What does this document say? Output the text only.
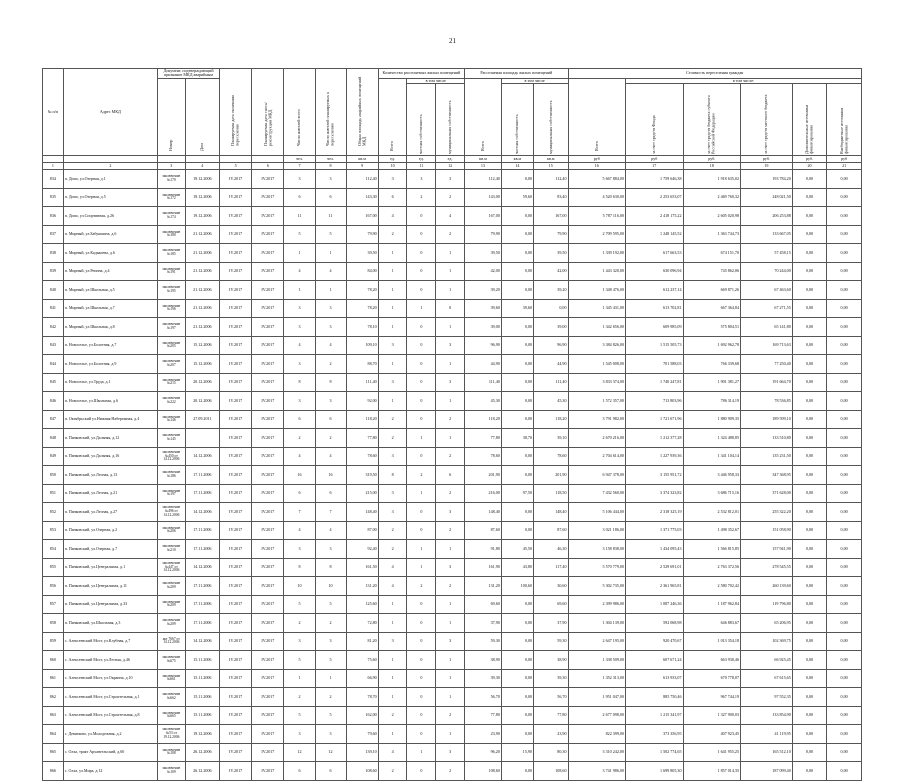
21
№ п/п	Адрес МКД	Документ, подтверждающий признание МКД аварийным		Планируемая дата окончания переселения	Планируемая дата сноса/ реконструкции МКД	Число жителей всего	Число жителей планируемых к переселению	Общая площадь аварийных помещений МКД	Количество расселяемых жилых помещений			Расселяемая площадь жилых помещений			Стоимость переселения граждан					
		Номер	Дата						Всего	в том числе		Всего	в том числе		Всего	в том числе:				
										частная собственность	муниципальная собственность		частная собственность	муниципальная собственность		за счет средств Фонда	за счет средств бюджета субъекта Российской Федерации	за счет средств местного бюджета	Дополнительные источники финансирования	Внебюджетные источники финансирования
						чел.	чел.	кв.м	ед.	ед.	ед.	кв.м	кв.м	кв.м	руб	руб	руб.	руб.	руб.	руб
1	2	3	4	5	6	7	8	9	10	11	12	13	14	15	16	17	18	19	20	21
834	п. Дипо, ул.Озерная, д.1	заключение №170	19.12.2006	IV.2017	IV.2017	3	3	112,40	3	3	3	112,40	0,00	112,40	5 667 884,00	1 759 646,38	1 918 635,02	193 784,20	0,00	0,00
835	п. Дипо, ул.Озерная, д.5	заключение №172	19.12.2006	IV.2017	IV.2017	6	6	143,30	6	2	2	143,00	59,60	83,40	4 520 630,00	2 253 653,07	2 469 760,32	248 021,50	0,00	0,00
836	п. Дипо, ул.Спортивная, д.26	заключение №174	19.12.2006	IV.2017	IV.2017	11	11	167,00	4	0	4	167,00	0,00	167,00	5 787 116,00	2 418 175,22	2 605 020,98	206 253,88	0,00	0,00
837	п. Мирный, ул.Бабушкина, д.6	заключение №180	21.12.2006	IV.2017	IV.2017	5	5	79,90	2	0	2	79,90	0,00	79,90	2 709 595,00	1 248 145,52	1 363 744,73	133 667,05	0,00	0,00
838	п. Мирный, ул.Кадышева, д.6	заключение №185	21.12.2006	IV.2017	IV.2017	1	1	39,50	1	0	1	39,50	0,00	39,50	1 339 192,00	617 663,53	674 151,70	57 458,15	0,00	0,00
839	п. Мирный, ул.Репина, д.4	заключение №191	21.12.2006	IV.2017	IV.2017	4	4	84,00	1	0	1	42,00	0,00	42,00	1 443 320,00	630 096,94	745 862,06	70 244,00	0,00	0,00
840	п. Мирный, ул.Школьная, д.5	заключение №195	21.12.2006	IV.2017	IV.2017	1	1	78,20	1	0	1	39,20	0,00	39,20	1 348 476,00	612 237,14	669 871,26	67 463,60	0,00	0,00
841	п. Мирный, ул.Школьная, д.7	заключение №196	21.12.2006	IV.2017	IV.2017	3	3	78,20	1	1	0	39,60	39,60	0,00	1 345 431,00	613 702,81	667 364,84	67 271,55	0,00	0,00
842	п. Мирный, ул.Школьная, д.8	заключение №197	21.12.2006	IV.2017	IV.2017	3	3	78,10	1	0	1	39,00	0,00	39,00	1 342 656,00	609 985,09	575 804,51	65 141,80	0,00	0,00
843	п. Новоселье, ул.Болотная, д.7	заключение №205	15.12.2006	IV.2017	IV.2017	4	4	109,10	3	0	3	96,90	0,00	96,90	3 384 826,00	1 515 505,73	1 692 962,78	169 713,63	0,00	0,00
844	п. Новоселье, ул.Болотная, д.9	заключение №207	15.12.2006	IV.2017	IV.2017	3	2	88,70	1	0	1	44,90	0,00	44,90	1 545 008,00	701 588,03	766 339,68	77 250,40	0,00	0,00
845	п. Новоселье, ул.Труда, д.1	заключение №215	20.12.2006	IV.2017	IV.2017	8	8	111,40	3	0	3	111,40	0,00	111,40	3 833 374,00	1 740 247,81	1 901 381,27	191 664,70	0,00	0,00
846	п. Новоселье, ул.Школьная, д.6	заключение №222	20.12.2006	IV.2017	IV.2017	3	3	92,00	1	0	1	45,30	0,00	45,30	1 572 357,00	713 803,96	786 314,19	78 536,85	0,00	0,00
847	п. Октябрьский ул.Нижняя Набережная, д.4	заключение №146	27.09.2011	IV.2017	IV.2017	6	6	118,20	2	0	2	118,20	0,00	118,20	3 791 982,00	1 721 671,96	1 880 909,35	189 599,10	0,00	0,00
848	п. Панковский, ул.Дальняя, д.12	заключение №145		IV.2017	IV.2017	2	2	77,80	2	1	1	77,80	38,70	39,10	2 670 216,00	1 212 377,28	1 324 488,85	133 510,80	0,00	0,00
849	п. Панковский, ул.Дальняя, д.16	заключение №450 от 14.12.2006	14.12.2006	IV.2017	IV.2017	4	4	78,60	3	0	2	78,60	0,00	78,60	2 704 614,00	1 227 939,36	1 341 104,14	135 231,50	0,00	0,00
850	п. Панковский, ул.Лесная, д.13	заключение №186	17.11.2006	IV.2017	IV.2017	16	16	319,50	8	2	6	201,90	0,00	201,90	6 947 378,00	3 155 951,72	3 446 958,33	347 368,95	0,00	0,00
851	п. Панковский, ул.Лесная, д.21	заключение №197	17.11.2006	IV.2017	IV.2017	6	6	215,00	3	1	2	216,00	97,50	118,50	7 432 560,00	3 374 323,82	3 686 715,16	371 628,00	0,00	0,00
852	п. Панковский, ул.Лесная, д.27	заключение №496 от 14.12.2006	14.12.2006	IV.2017	IV.2017	7	7	148,40	3	0	3	148,40	0,00	148,40	5 106 444,00	2 318 325,19	2 532 812,01	255 322,20	0,00	0,00
853	п. Панковский, ул.Озерная, д.2	заключение №206	17.11.2006	IV.2017	IV.2017	4	4	87,00	2	0	2	87,60	0,00	87,60	3 021 186,00	1 371 775,03	1 498 352,67	151 058,90	0,00	0,00
854	п. Панковский, ул.Озерная, д.7	заключение №210	17.11.2006	IV.2017	IV.2017	3	3	92,40	2	1	1	91,80	45,50	46,30	3 158 838,00	1 434 095,43	1 566 815,85	157 941,90	0,00	0,00
855	п. Панковский, ул.Центральная, д.1	заключение №447 от 14.12.2006	14.12.2006	IV.2017	IV.2017	8	8	161,50	4	1	3	161,90	43,80	117,40	5 570 779,00	2 529 691,01	2 763 372,56	278 545,55	0,00	0,00
856	п. Панковский, ул.Центральная, д.11	заключение №209	17.11.2006	IV.2017	IV.2017	10	10	131,20	4	2	2	131,20	100,60	30,60	5 302 735,00	2 361 965,81	2 580 702,42	260 139,60	0,00	0,00
857	п. Панковский, ул.Центральная, д.33	заключение №209	17.11.2006	IV.2017	IV.2017	5	5	125,60	1	0	1	69,60	0,00	69,60	2 399 986,00	1 087 246,36	1 187 962,84	119 796,80	0,00	0,00
858	п. Панковский, ул.Школьная, д.3	заключение №209	17.11.2006	IV.2017	IV.2017	2	2	72,80	1	0	1	37,90	0,00	37,90	1 304 139,00	592 068,98	646 883,67	65 206,95	0,00	0,00
859	с. Алексеевский Мост, ул.Клубная, д.7	акт 7667 от 14.12.2006	14.12.2006	IV.2017	IV.2017	3	3	81,20	3	0	3	59,30	0,00	59,30	2 647 195,00	920 470,67	1 013 354,18	102 369,75	0,00	0,00
860	с. Алексеевский Мост, ул.Лесная, д.46	заключение №675	15.11.2006	IV.2017	IV.2017	5	5	75,60	1	0	1	38,90	0,00	38,90	1 338 509,00	607 671,24	663 930,46	66 925,45	0,00	0,00
861	с. Алексеевский Мост, ул.Окраина, д.10	заключение №661	15.11.2006	IV.2017	IV.2017	1	1	66,90	1	0	1	39,30	0,00	39,30	1 352 313,00	613 933,07	670 778,07	67 615,65	0,00	0,00
862	с. Алексеевский Мост, ул.Строительная, д.1	заключение №662	15.11.2006	IV.2017	IV.2017	2	2	78,70	1	0	1	56,70	0,00	56,70	1 951 047,00	885 750,46	967 744,19	97 552,35	0,00	0,00
863	с. Алексеевский Мост, ул.Строительная, д.8	заключение №665	15.11.2006	IV.2017	IV.2017	5	5	162,00	2	0	2	77,80	0,00	77,80	2 677 098,00	1 215 341,97	1 327 900,03	133 854,90	0,00	0,00
864	с. Девятково, ул.Молодежная, д.2	заключение №53 от 19.12.2006	19.12.2006	IV.2017	IV.2017	3	3	79,60	1	0	1	23,90	0,00	23,90	822 399,00	373 356,95	407 923,45	41 119,95	0,00	0,00
865	с. Олха, тракт Архангельский, д.60	заключение №108	26.12.2006	IV.2017	IV.2017	12	12	139,10	4	1	3	96,20	15,90	80,30	3 310 242,00	1 502 774,65	1 641 955,25	165 512,10	0,00	0,00
866	с. Олха, ул.Мира, д.12	заключение №109	26.12.2006	IV.2017	IV.2017	6	6	108,60	2	0	2	108,60	0,00	108,60	3 741 986,00	1 699 805,30	1 857 014,35	187 099,40	0,00	0,00
